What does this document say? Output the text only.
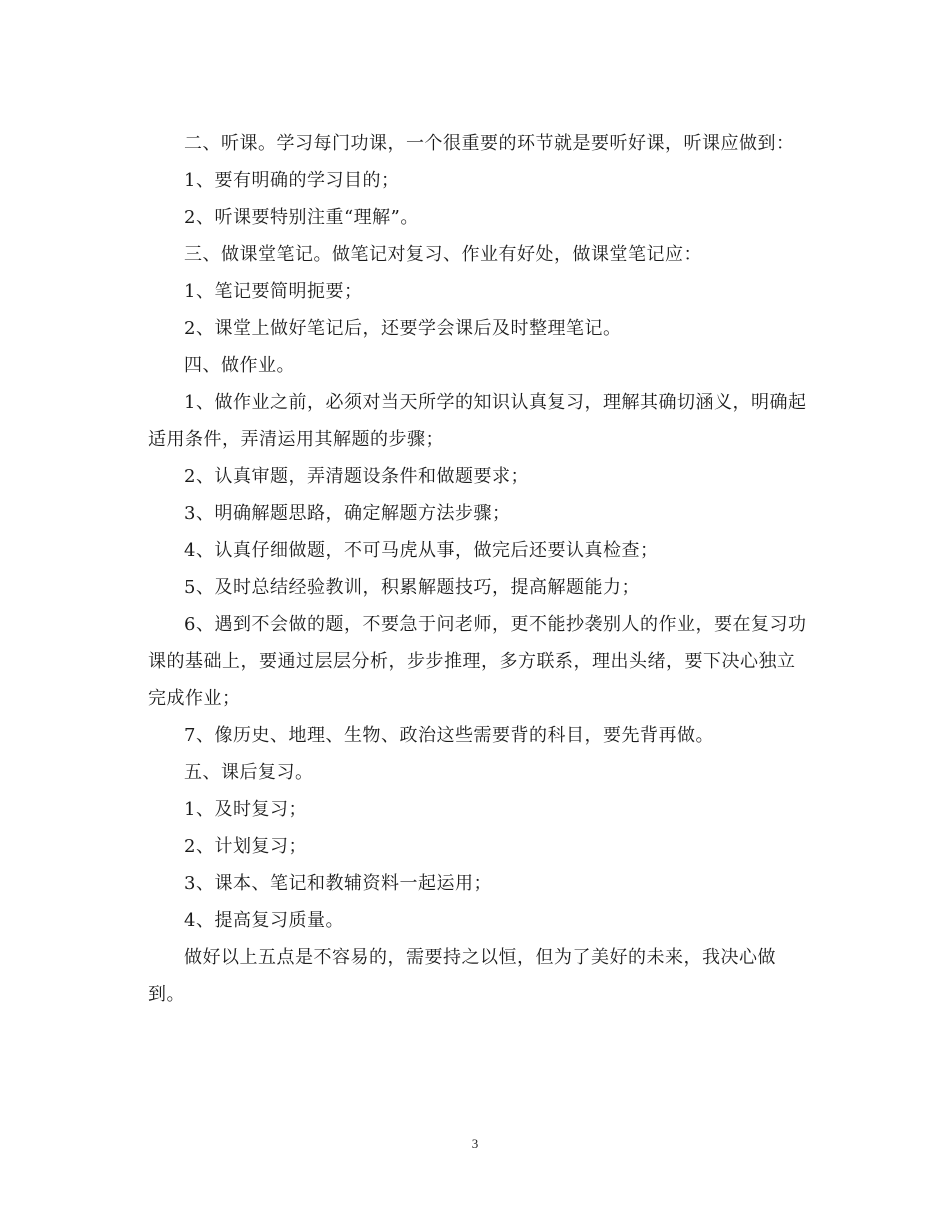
二、听课。学习每门功课，一个很重要的环节就是要听好课，听课应做到：

1、要有明确的学习目的；

2、听课要特别注重“理解”。

三、做课堂笔记。做笔记对复习、作业有好处，做课堂笔记应：

1、笔记要简明扼要；

2、课堂上做好笔记后，还要学会课后及时整理笔记。

四、做作业。

1、做作业之前，必须对当天所学的知识认真复习，理解其确切涵义，明确起适用条件，弄清运用其解题的步骤；

2、认真审题，弄清题设条件和做题要求；

3、明确解题思路，确定解题方法步骤；

4、认真仔细做题，不可马虎从事，做完后还要认真检查；

5、及时总结经验教训，积累解题技巧，提高解题能力；

6、遇到不会做的题，不要急于问老师，更不能抄袭别人的作业，要在复习功课的基础上，要通过层层分析，步步推理，多方联系，理出头绪，要下决心独立完成作业；

7、像历史、地理、生物、政治这些需要背的科目，要先背再做。

五、课后复习。

1、及时复习；

2、计划复习；

3、课本、笔记和教辅资料一起运用；

4、提高复习质量。

做好以上五点是不容易的，需要持之以恒，但为了美好的未来，我决心做到。

3
